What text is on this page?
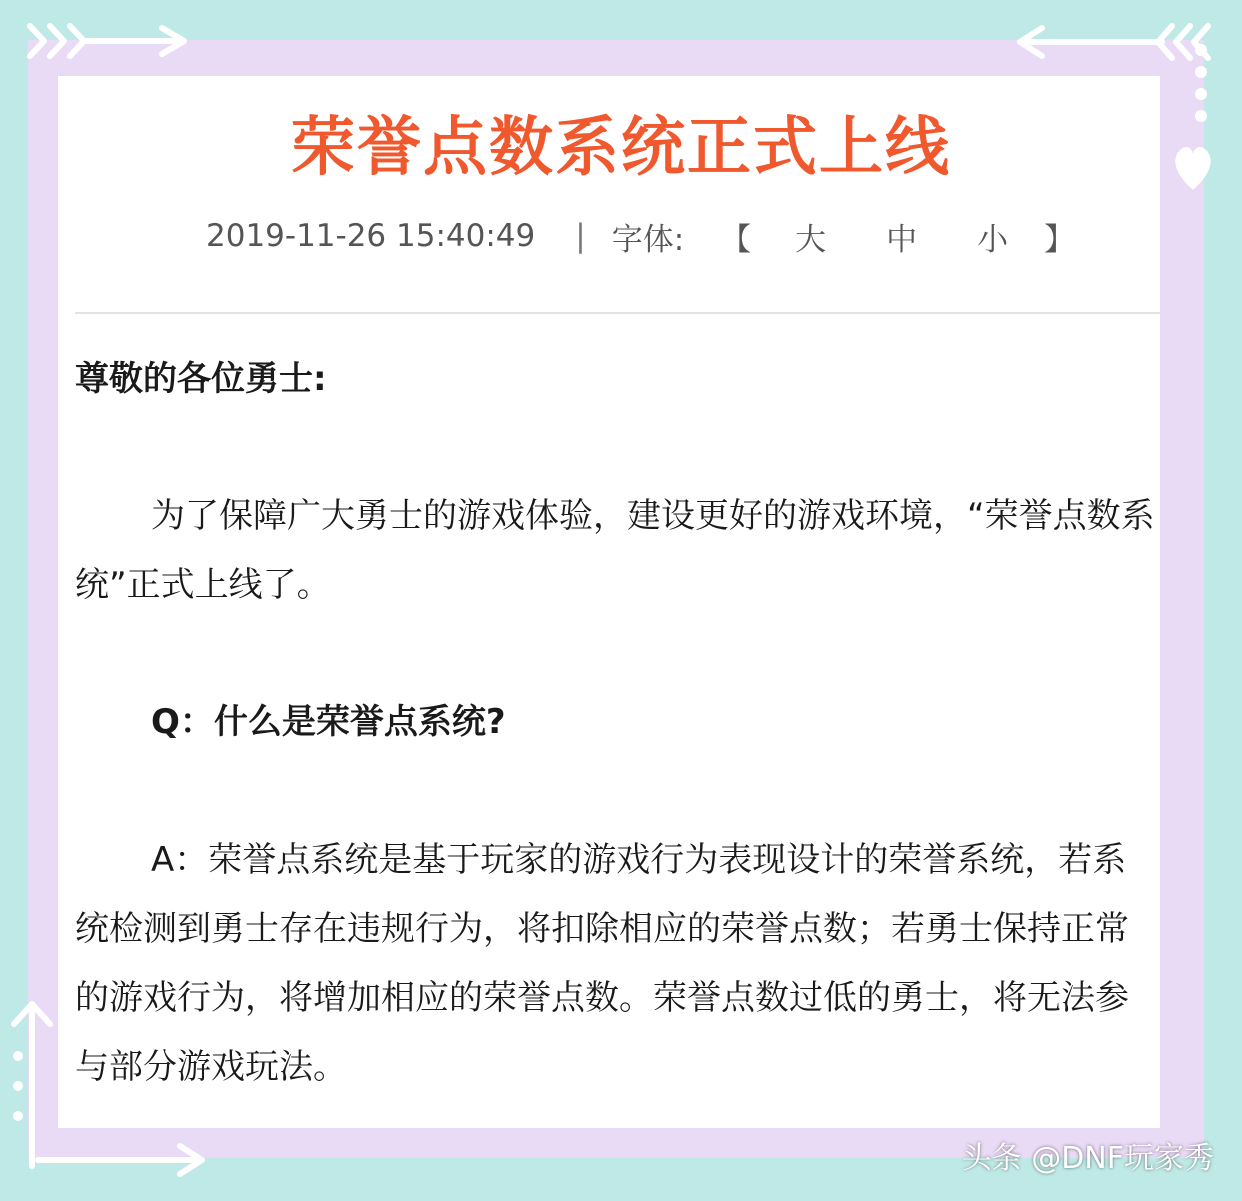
荣誉点数系统正式上线
2019-11-26 15:40:49 | 字体: 【 大 中 小 】

尊敬的各位勇士:

为了保障广大勇士的游戏体验，建设更好的游戏环境，“荣誉点数系统”正式上线了。

Q：什么是荣誉点系统?

A：荣誉点系统是基于玩家的游戏行为表现设计的荣誉系统，若系统检测到勇士存在违规行为，将扣除相应的荣誉点数；若勇士保持正常的游戏行为，将增加相应的荣誉点数。荣誉点数过低的勇士，将无法参与部分游戏玩法。

头条 @DNF玩家秀
